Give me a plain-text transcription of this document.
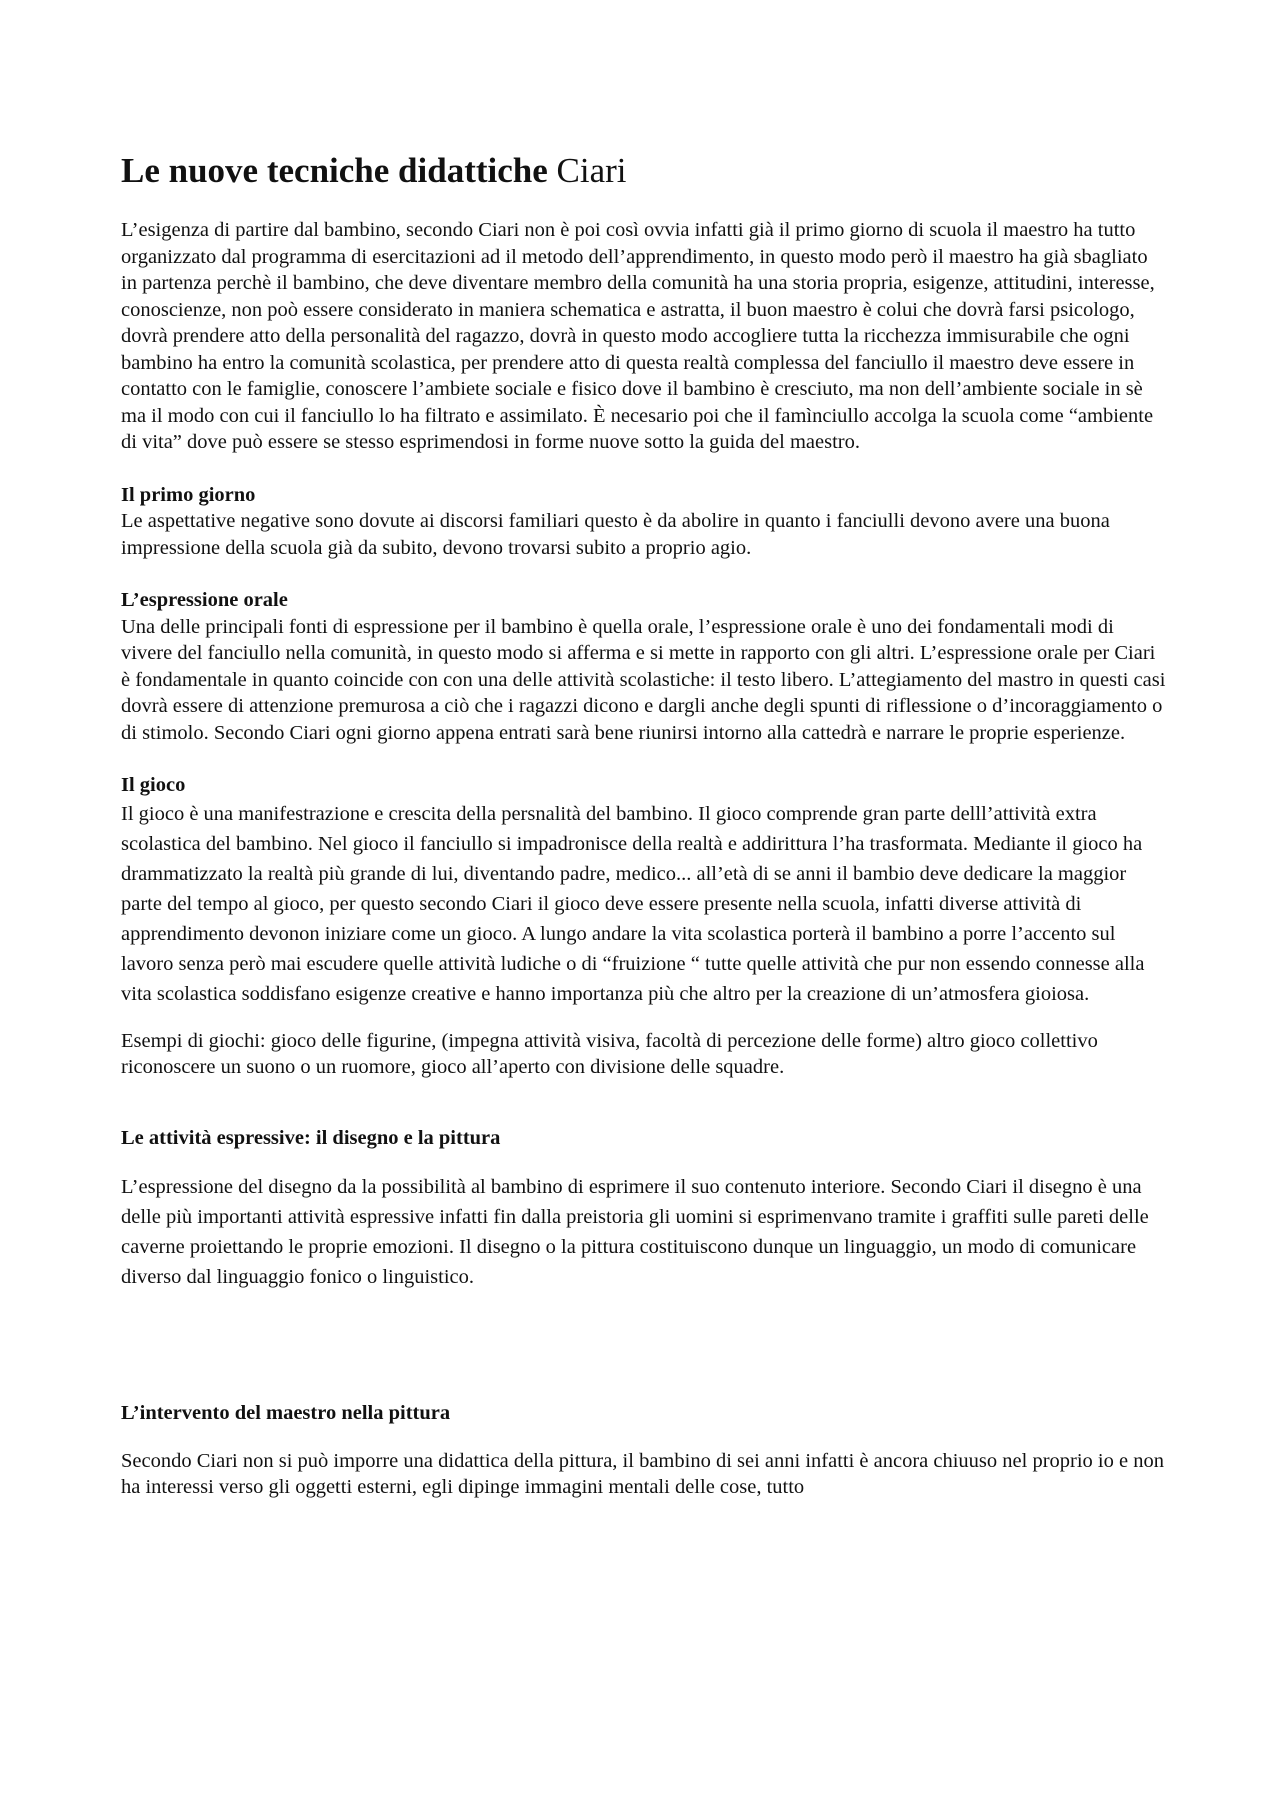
Le nuove tecniche didattiche Ciari

L’esigenza di partire dal bambino, secondo Ciari non è poi così ovvia infatti già il primo giorno di scuola il maestro ha tutto organizzato dal programma di esercitazioni ad il metodo dell’apprendimento, in questo modo però il maestro ha già sbagliato in partenza perchè il bambino, che deve diventare membro della comunità ha una storia propria, esigenze, attitudini, interesse, conoscienze, non poò essere considerato in maniera schematica e astratta, il buon maestro è colui che dovrà farsi psicologo, dovrà prendere atto della personalità del ragazzo, dovrà in questo modo accogliere tutta la ricchezza immisurabile che ogni bambino ha entro la comunità scolastica, per prendere atto di questa realtà complessa del fanciullo il maestro deve essere in contatto con le famiglie, conoscere l’ambiete sociale e fisico dove il bambino è cresciuto, ma non dell’ambiente sociale in sè ma il modo con cui il fanciullo lo ha filtrato e assimilato. È necesario poi che il famìnciullo accolga la scuola come “ambiente di vita” dove può essere se stesso esprimendosi in forme nuove sotto la guida del maestro.

Il primo giorno

Le aspettative negative sono dovute ai discorsi familiari questo è da abolire in quanto i fanciulli devono avere una buona impressione della scuola già da subito, devono trovarsi subito a proprio agio.

L’espressione orale

Una delle principali fonti di espressione per il bambino è quella orale, l’espressione orale è uno dei fondamentali modi di vivere del fanciullo nella comunità, in questo modo si afferma e si mette in rapporto con gli altri. L’espressione orale per Ciari è fondamentale in quanto coincide con con una delle attività scolastiche: il testo libero. L’attegiamento del mastro in questi casi dovrà essere di attenzione premurosa a ciò che i ragazzi dicono e dargli anche degli spunti di riflessione o d’incoraggiamento o di stimolo. Secondo Ciari ogni giorno appena entrati sarà bene riunirsi intorno alla cattedrà e narrare le proprie esperienze.

Il gioco

Il gioco è una manifestrazione e crescita della persnalità del bambino. Il gioco comprende gran parte delll’attività extra scolastica del bambino. Nel gioco il fanciullo si impadronisce della realtà e addirittura l’ha trasformata. Mediante il gioco ha drammatizzato la realtà più grande di lui, diventando padre, medico... all’età di se anni il bambio deve dedicare la maggior parte del tempo al gioco, per questo secondo Ciari il gioco deve essere presente nella scuola, infatti diverse attività di apprendimento devonon iniziare come un gioco. A lungo andare la vita scolastica porterà il bambino a porre l’accento sul lavoro senza però mai escudere quelle attività ludiche o di “fruizione “ tutte quelle attività che pur non essendo connesse alla vita scolastica soddisfano esigenze creative e hanno importanza più che altro per la creazione di un’atmosfera gioiosa.

Esempi di giochi: gioco delle figurine, (impegna attività visiva, facoltà di percezione delle forme) altro gioco collettivo riconoscere un suono o un ruomore, gioco all’aperto con divisione delle squadre.

Le attività espressive: il disegno e la pittura

L’espressione del disegno da la possibilità al bambino di esprimere il suo contenuto interiore. Secondo Ciari il disegno è una delle più importanti attività espressive infatti fin dalla preistoria gli uomini si esprimenvano tramite i graffiti sulle pareti delle caverne proiettando le proprie emozioni. Il disegno o la pittura costituiscono dunque un linguaggio, un modo di comunicare diverso dal linguaggio fonico o linguistico.

L’intervento del maestro nella pittura

Secondo Ciari non si può imporre una didattica della pittura, il bambino di sei anni infatti è ancora chiuuso nel proprio io e non ha interessi verso gli oggetti esterni, egli dipinge immagini mentali delle cose, tutto
